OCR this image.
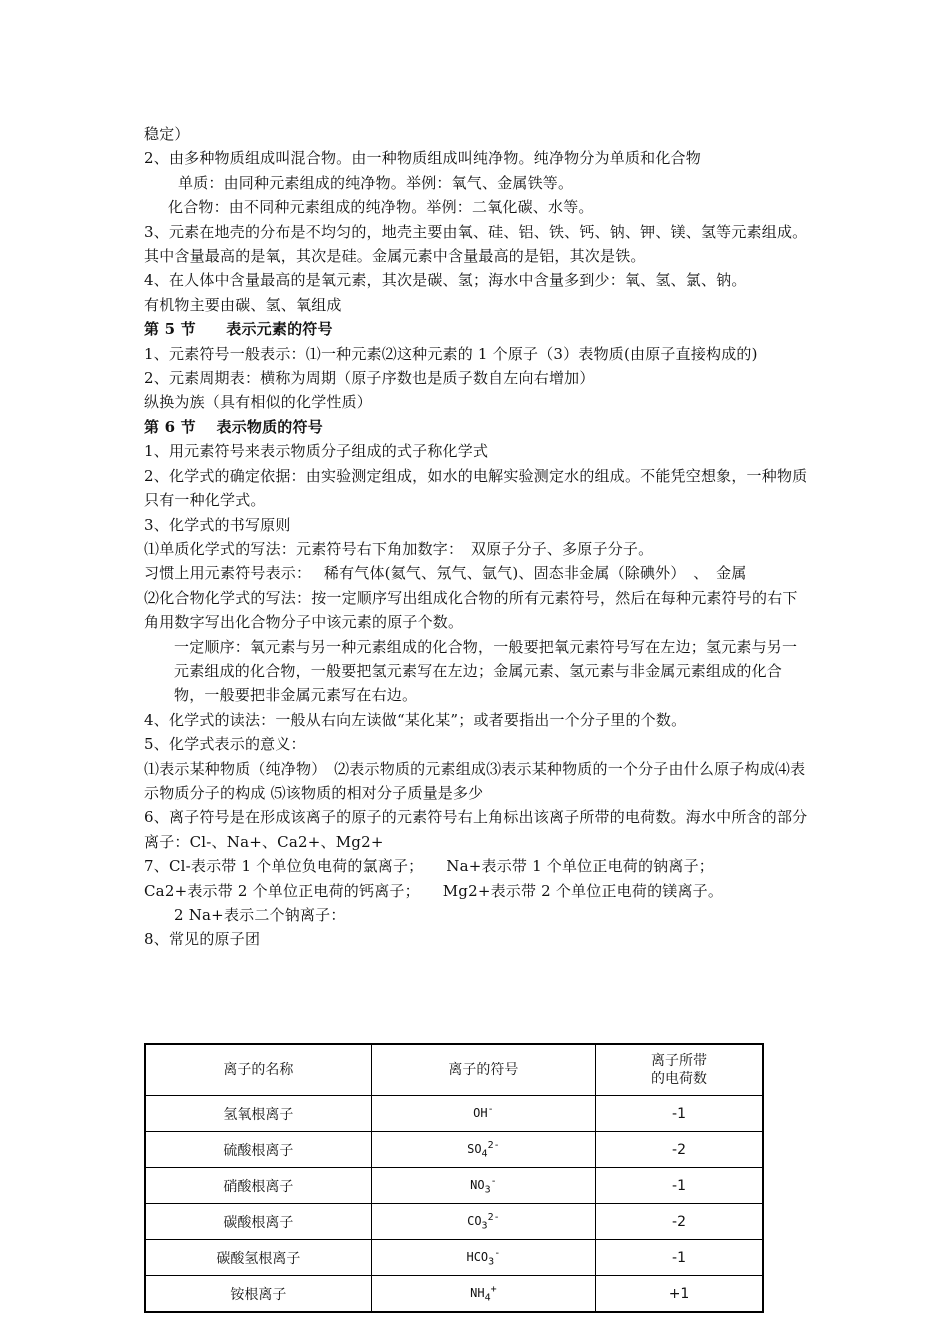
稳定）
2、由多种物质组成叫混合物。由一种物质组成叫纯净物。纯净物分为单质和化合物
单质：由同种元素组成的纯净物。举例：氧气、金属铁等。
化合物：由不同种元素组成的纯净物。举例：二氧化碳、水等。
3、元素在地壳的分布是不均匀的，地壳主要由氧、硅、铝、铁、钙、钠、钾、镁、氢等元素组成。其中含量最高的是氧，其次是硅。金属元素中含量最高的是铝，其次是铁。
4、在人体中含量最高的是氧元素，其次是碳、氢；海水中含量多到少：氧、氢、氯、钠。
有机物主要由碳、氢、氧组成
第 5 节　　表示元素的符号
1、元素符号一般表示：⑴一种元素⑵这种元素的 1 个原子（3）表物质(由原子直接构成的)
2、元素周期表：横称为周期（原子序数也是质子数自左向右增加）
纵换为族（具有相似的化学性质）
第 6 节　 表示物质的符号
1、用元素符号来表示物质分子组成的式子称化学式
2、化学式的确定依据：由实验测定组成，如水的电解实验测定水的组成。不能凭空想象，一种物质只有一种化学式。
3、化学式的书写原则
⑴单质化学式的写法：元素符号右下角加数字：　双原子分子、多原子分子。
习惯上用元素符号表示：　 稀有气体(氦气、氖气、氩气)、固态非金属（除碘外）　、　金属
⑵化合物化学式的写法：按一定顺序写出组成化合物的所有元素符号，然后在每种元素符号的右下角用数字写出化合物分子中该元素的原子个数。
一定顺序：氧元素与另一种元素组成的化合物，一般要把氧元素符号写在左边；氢元素与另一元素组成的化合物，一般要把氢元素写在左边；金属元素、氢元素与非金属元素组成的化合物，一般要把非金属元素写在右边。
4、化学式的读法：一般从右向左读做“某化某”；或者要指出一个分子里的个数。
5、化学式表示的意义：
⑴表示某种物质（纯净物）　⑵表示物质的元素组成⑶表示某种物质的一个分子由什么原子构成⑷表示物质分子的构成 ⑸该物质的相对分子质量是多少
6、离子符号是在形成该离子的原子的元素符号右上角标出该离子所带的电荷数。海水中所含的部分离子：Cl-、Na+、Ca2+、Mg2+
7、Cl-表示带 1 个单位负电荷的氯离子；　　Na+表示带 1 个单位正电荷的钠离子；
Ca2+表示带 2 个单位正电荷的钙离子；　　Mg2+表示带 2 个单位正电荷的镁离子。
2 Na+表示二个钠离子：
8、常见的原子团
离子的名称	离子的符号	离子所带
的电荷数
氢氧根离子	OH-	-1
硫酸根离子	$SO_4^{2-}$	-2
硝酸根离子	$NO_3^-$	-1
碳酸根离子	$CO_3^{2-}$	-2
碳酸氢根离子	$HCO_3^-$	-1
铵根离子	$NH_4^+$	+1
